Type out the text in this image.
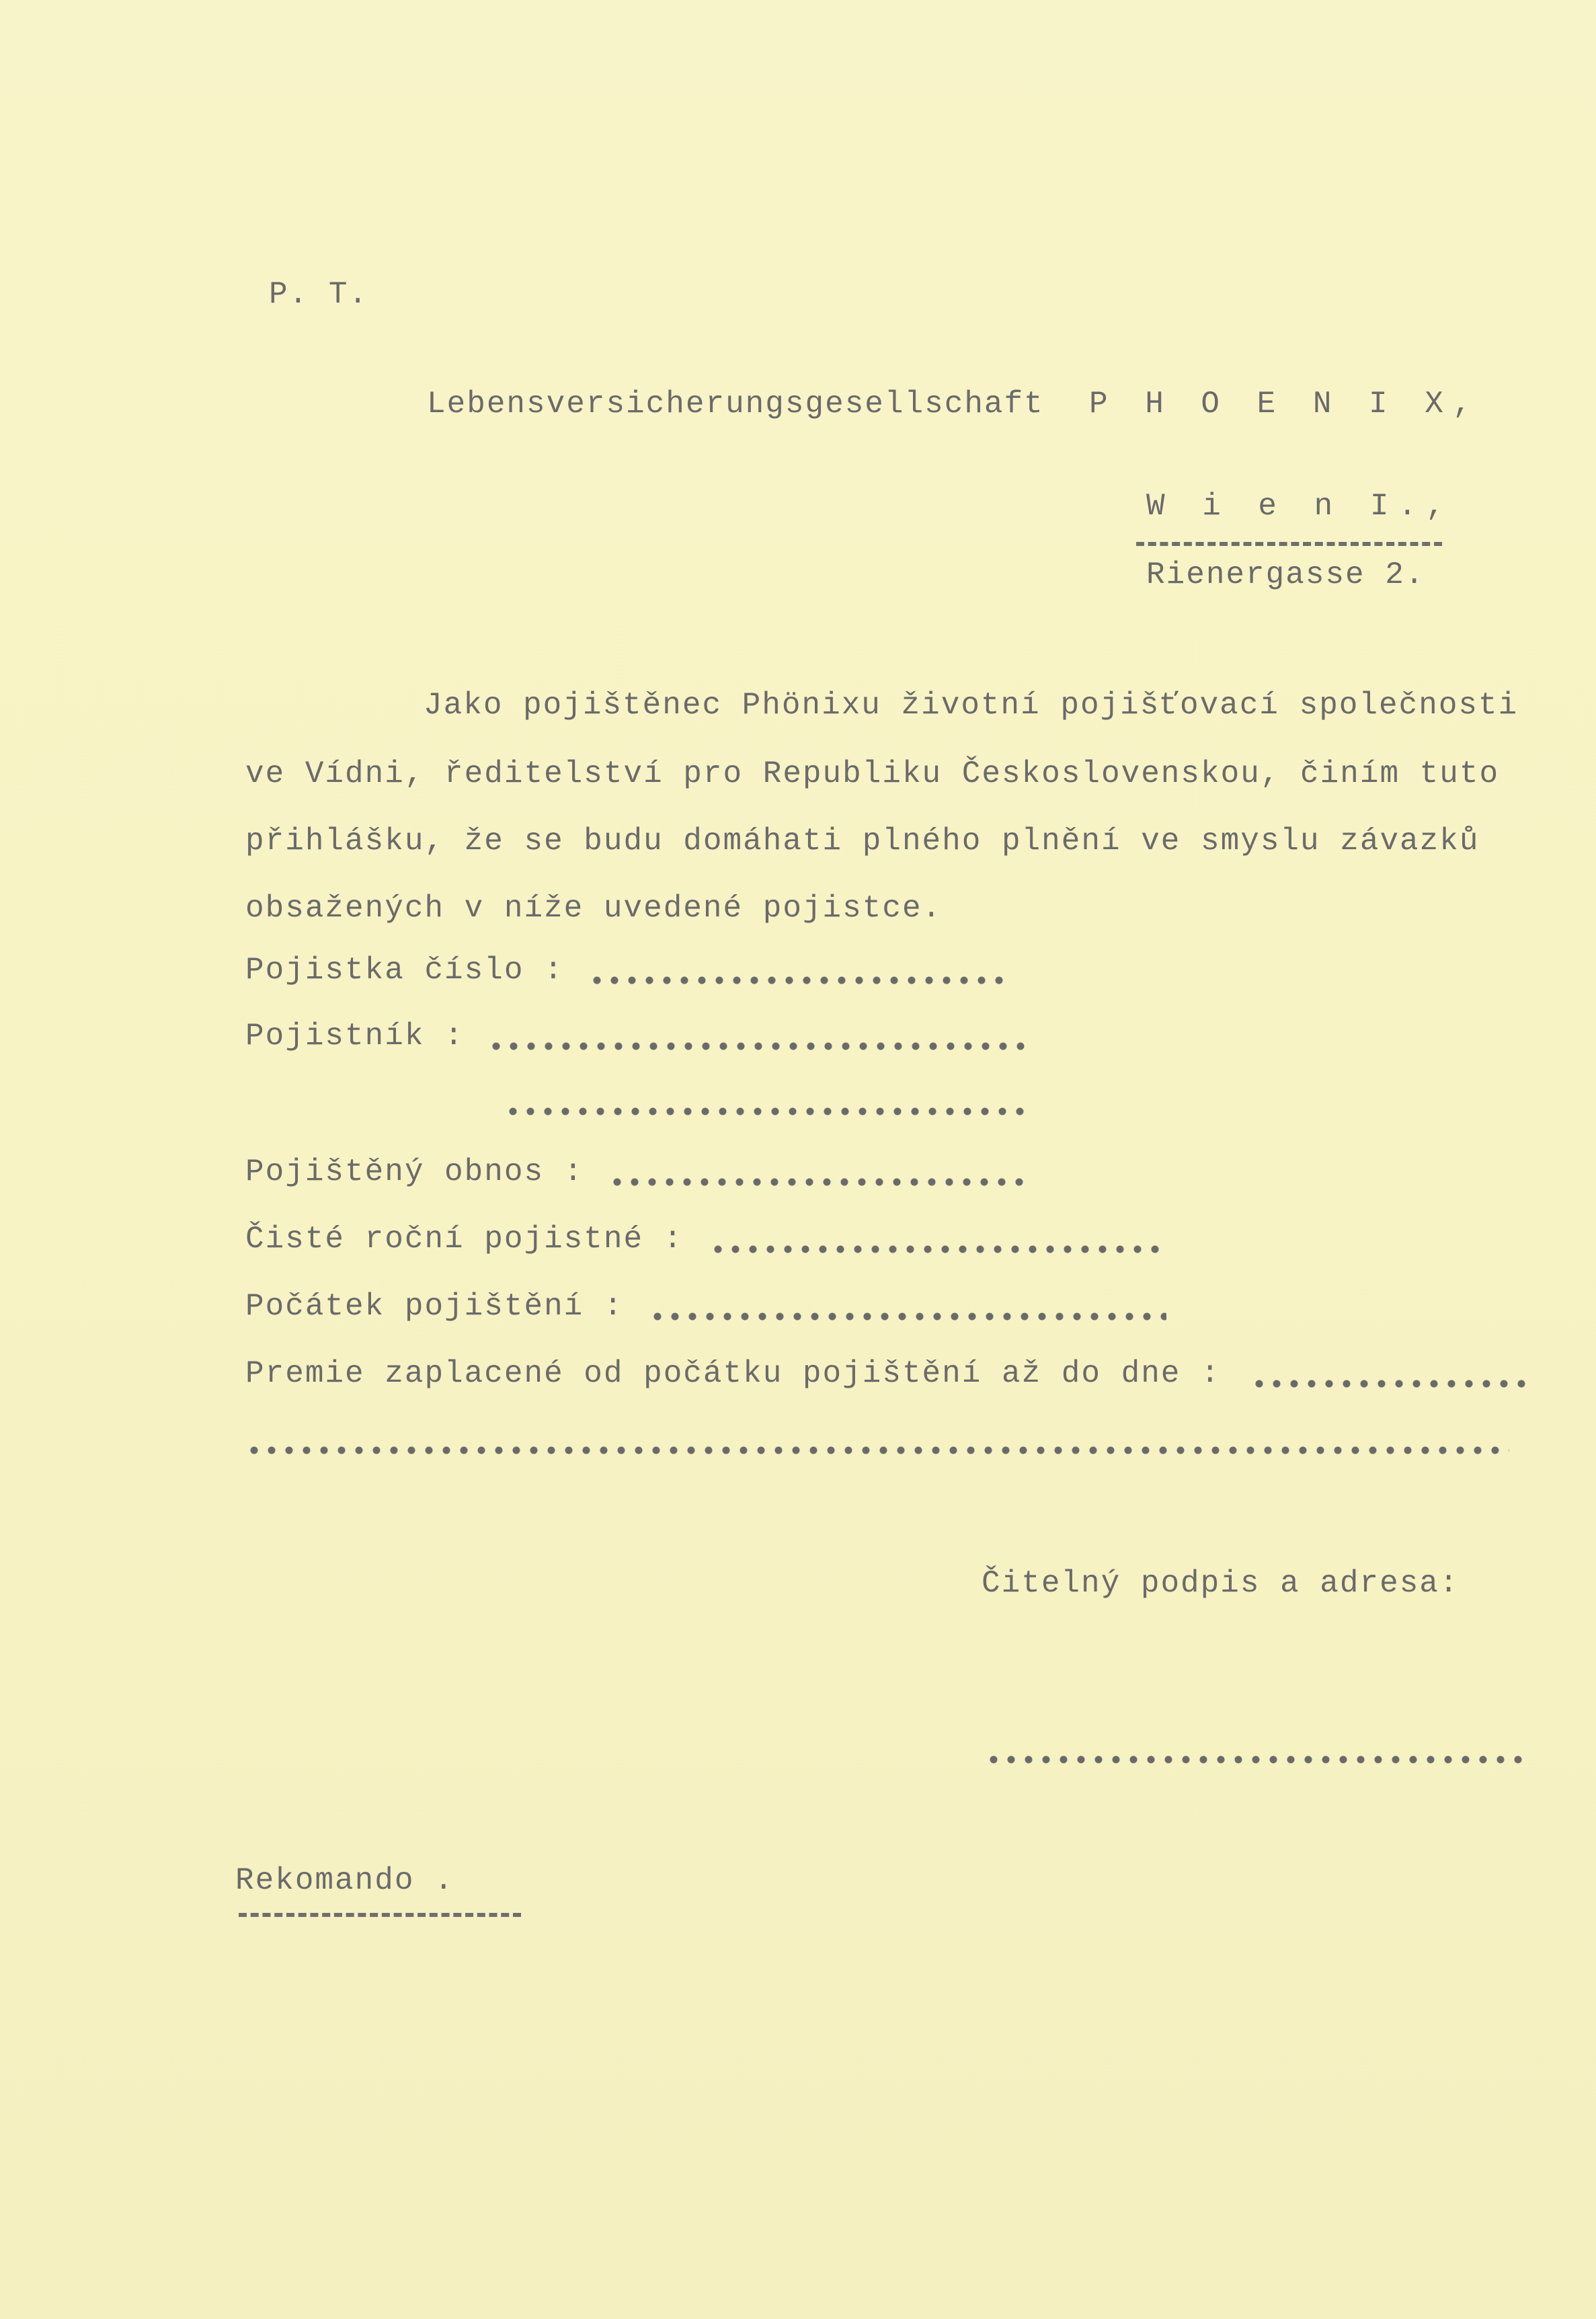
P. T.
Lebensversicherungsgesellschaft P H O E N I X,
W i e n I.,
Rienergasse 2.
Jako pojištěnec Phönixu životní pojišťovací společnosti
ve Vídni, ředitelství pro Republiku Československou, činím tuto
přihlášku, že se budu domáhati plného plnění ve smyslu závazků
obsažených v níže uvedené pojistce.
Pojistka číslo :
Pojistník :
Pojištěný obnos :
Čisté roční pojistné :
Počátek pojištění :
Premie zaplacené od počátku pojištění až do dne :
Čitelný podpis a adresa:
Rekomando .
